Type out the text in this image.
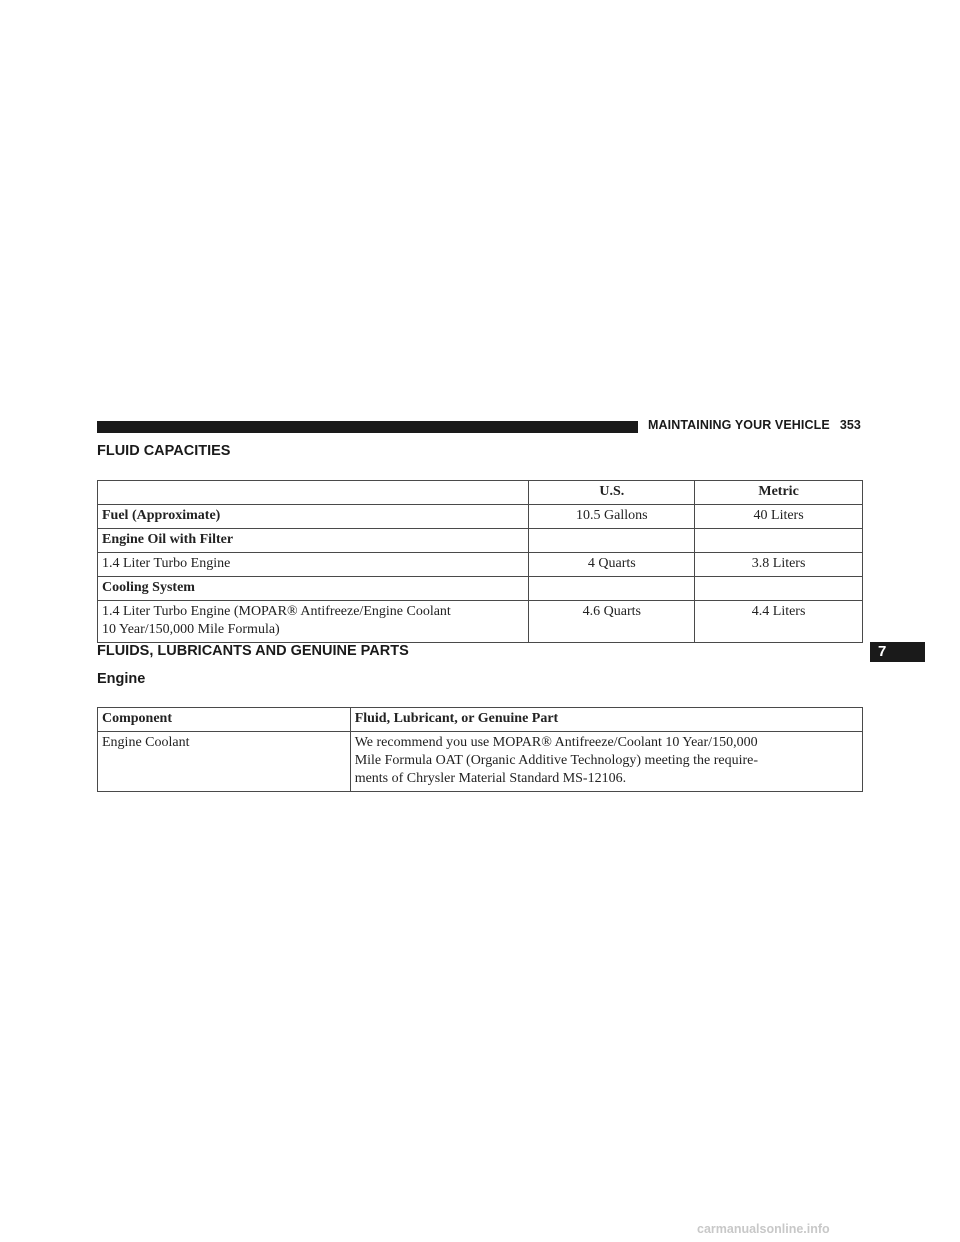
MAINTAINING YOUR VEHICLE 353
FLUID CAPACITIES
	U.S.	Metric
Fuel (Approximate)	10.5 Gallons	40 Liters
Engine Oil with Filter		
1.4 Liter Turbo Engine	4 Quarts	3.8 Liters
Cooling System		

1.4 Liter Turbo Engine (MOPAR® Antifreeze/Engine Coolant
10 Year/150,000 Mile Formula)	4.6 Quarts	4.4 Liters
FLUIDS, LUBRICANTS AND GENUINE PARTS
Engine
Component	Fluid, Lubricant, or Genuine Part
Engine Coolant	We recommend you use MOPAR® Antifreeze/Coolant 10 Year/150,000
Mile Formula OAT (Organic Additive Technology) meeting the require-
ments of Chrysler Material Standard MS-12106.
7
carmanualsonline.info
